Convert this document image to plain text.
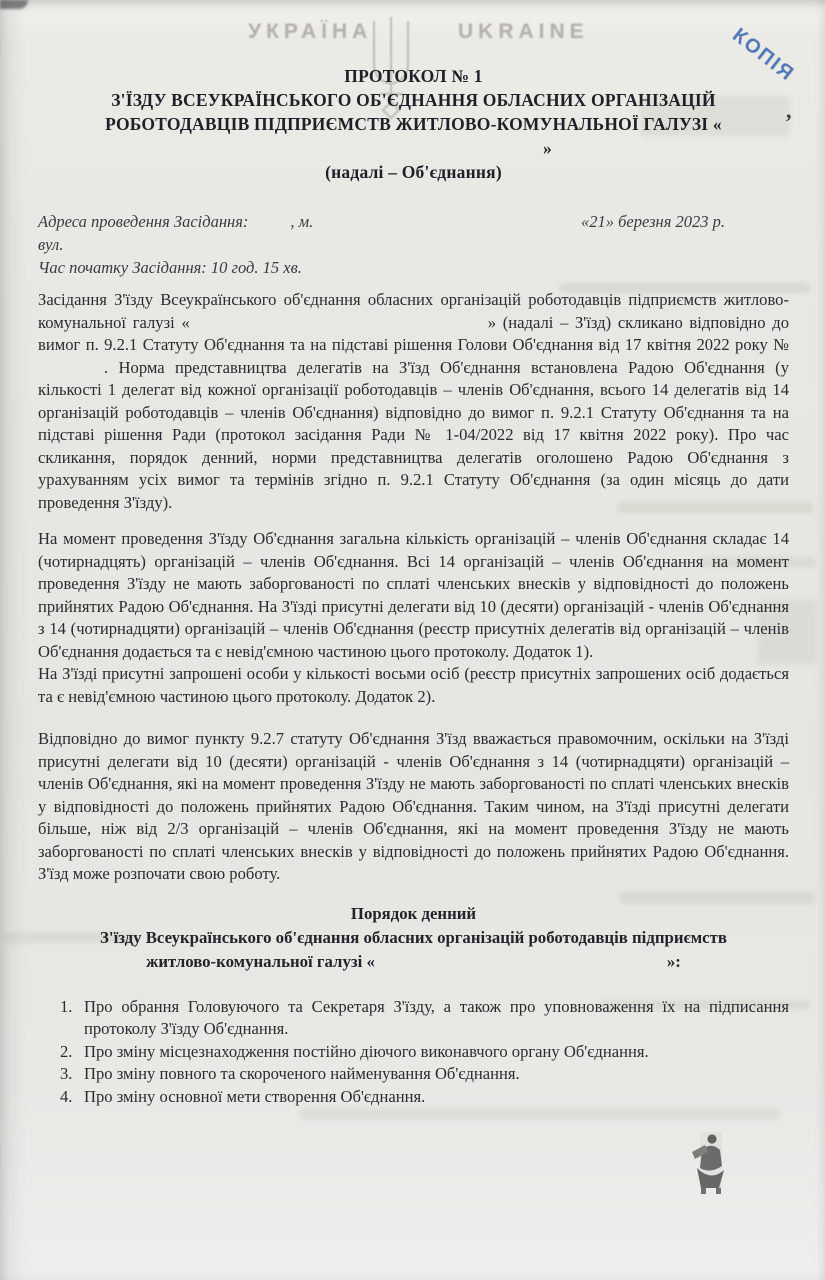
УКРАЇНА	UKRAINE	КОПІЯ
,
ПРОТОКОЛ № 1
З'ЇЗДУ ВСЕУКРАЇНСЬКОГО ОБ'ЄДНАННЯ ОБЛАСНИХ ОРГАНІЗАЦІЙ
РОБОТОДАВЦІВ ПІДПРИЄМСТВ ЖИТЛОВО-КОМУНАЛЬНОЇ ГАЛУЗІ «
»
(надалі – Об'єднання)
Адреса проведення Засідання:	, м.	«21» березня 2023 р.
вул.
Час початку Засідання: 10 год. 15 хв.

Засідання З'їзду Всеукраїнського об'єднання обласних організацій роботодавців підприємств житлово-комунальної галузі «	» (надалі – З'їзд) скликано відповідно до вимог п. 9.2.1 Статуту Об'єднання та на підставі рішення Голови Об'єднання від 17 квітня 2022 року №. Норма представництва делегатів на З'їзд Об'єднання встановлена Радою Об'єднання (у кількості 1 делегат від кожної організації роботодавців – членів Об'єднання, всього 14 делегатів від 14 організацій роботодавців – членів Об'єднання) відповідно до вимог п. 9.2.1 Статуту Об'єднання та на підставі рішення Ради (протокол засідання Ради № 1-04/2022 від 17 квітня 2022 року). Про час скликання, порядок денний, норми представництва делегатів оголошено Радою Об'єднання з урахуванням усіх вимог та термінів згідно п. 9.2.1 Статуту Об'єднання (за один місяць до дати проведення З'їзду).

На момент проведення З'їзду Об'єднання загальна кількість організацій – членів Об'єднання складає 14 (чотирнадцять) організацій – членів Об'єднання. Всі 14 організацій – членів Об'єднання на момент проведення З'їзду не мають заборгованості по сплаті членських внесків у відповідності до положень прийнятих Радою Об'єднання. На З'їзді присутні делегати від 10 (десяти) організацій - членів Об'єднання з 14 (чотирнадцяти) організацій – членів Об'єднання (реєстр присутніх делегатів від організацій – членів Об'єднання додається та є невід'ємною частиною цього протоколу. Додаток 1).

На З'їзді присутні запрошені особи у кількості восьми осіб (реєстр присутніх запрошених осіб додається та є невід'ємною частиною цього протоколу. Додаток 2).

Відповідно до вимог пункту 9.2.7 статуту Об'єднання З'їзд вважається правомочним, оскільки на З'їзді присутні делегати від 10 (десяти) організацій - членів Об'єднання з 14 (чотирнадцяти) організацій – членів Об'єднання, які на момент проведення З'їзду не мають заборгованості по сплаті членських внесків у відповідності до положень прийнятих Радою Об'єднання. Таким чином, на З'їзді присутні делегати більше, ніж від 2/3 організацій – членів Об'єднання, які на момент проведення З'їзду не мають заборгованості по сплаті членських внесків у відповідності до положень прийнятих Радою Об'єднання. З'їзд може розпочати свою роботу.

Порядок денний
З'їзду Всеукраїнського об'єднання обласних організацій роботодавців підприємств
житлово-комунальної галузі «	»:
1. Про обрання Головуючого та Секретаря З'їзду, а також про уповноваження їх на підписання протоколу З'їзду Об'єднання.
2. Про зміну місцезнаходження постійно діючого виконавчого органу Об'єднання.
3. Про зміну повного та скороченого найменування Об'єднання.
4. Про зміну основної мети створення Об'єднання.
